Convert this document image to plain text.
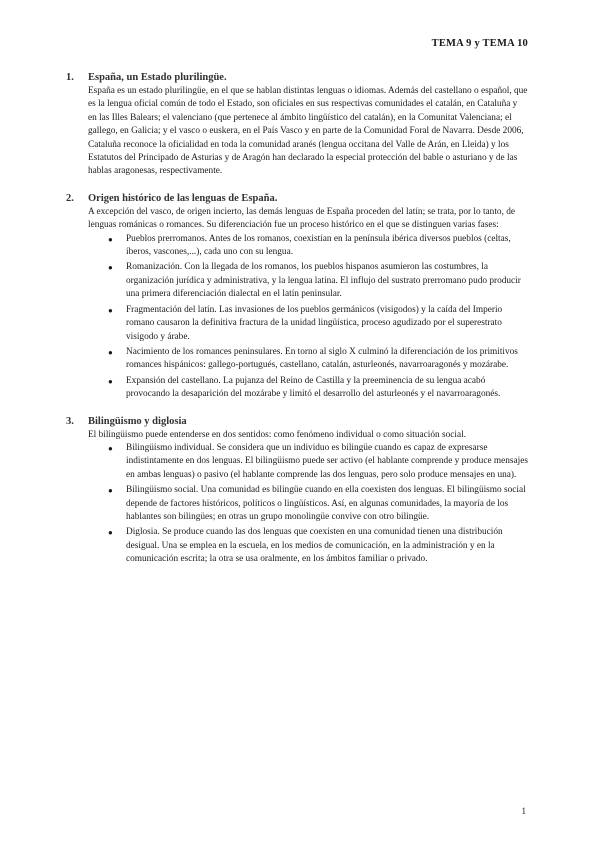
TEMA 9 y TEMA 10
1.	España, un Estado plurilingüe.

España es un estado plurilingüe, en el que se hablan distintas lenguas o idiomas. Además del castellano o español, que es la lengua oficial común de todo el Estado, son oficiales en sus respectivas comunidades el catalán, en Cataluña y en las Illes Balears; el valenciano (que pertenece al ámbito lingüístico del catalán), en la Comunitat Valenciana; el gallego, en Galicia; y el vasco o euskera, en el País Vasco y en parte de la Comunidad Foral de Navarra. Desde 2006, Cataluña reconoce la oficialidad en toda la comunidad aranés (lengua occitana del Valle de Arán, en Lleida) y los Estatutos del Principado de Asturias y de Aragón han declarado la especial protección del bable o asturiano y de las hablas aragonesas, respectivamente.

2.	Origen histórico de las lenguas de España.

A excepción del vasco, de origen incierto, las demás lenguas de España proceden del latín; se trata, por lo tanto, de lenguas románicas o romances. Su diferenciación fue un proceso histórico en el que se distinguen varias fases:

● Pueblos prerromanos. Antes de los romanos, coexistían en la península ibérica diversos pueblos (celtas, íberos, vascones,...), cada uno con su lengua.
● Romanización. Con la llegada de los romanos, los pueblos hispanos asumieron las costumbres, la organización jurídica y administrativa, y la lengua latina. El influjo del sustrato prerromano pudo producir una primera diferenciación dialectal en el latín peninsular.
● Fragmentación del latín. Las invasiones de los pueblos germánicos (visigodos) y la caída del Imperio romano causaron la definitiva fractura de la unidad lingüística, proceso agudizado por el superestrato visigodo y árabe.
● Nacimiento de los romances peninsulares. En torno al siglo X culminó la diferenciación de los primitivos romances hispánicos: gallego-portugués, castellano, catalán, asturleonés, navarroaragonés y mozárabe.
● Expansión del castellano. La pujanza del Reino de Castilla y la preeminencia de su lengua acabó provocando la desaparición del mozárabe y limitó el desarrollo del asturleonés y el navarroaragonés.
3.	Bilingüismo y diglosia

El bilingüismo puede entenderse en dos sentidos: como fenómeno individual o como situación social.

● Bilingüismo individual. Se considera que un individuo es bilingüe cuando es capaz de expresarse indistintamente en dos lenguas. El bilingüismo puede ser activo (el hablante comprende y produce mensajes en ambas lenguas) o pasivo (el hablante comprende las dos lenguas, pero solo produce mensajes en una).
● Bilingüismo social. Una comunidad es bilingüe cuando en ella coexisten dos lenguas. El bilingüismo social depende de factores históricos, políticos o lingüísticos. Así, en algunas comunidades, la mayoría de los hablantes son bilingües; en otras un grupo monolingüe convive con otro bilingüe.
● Diglosia. Se produce cuando las dos lenguas que coexisten en una comunidad tienen una distribución desigual. Una se emplea en la escuela, en los medios de comunicación, en la administración y en la comunicación escrita; la otra se usa oralmente, en los ámbitos familiar o privado.
1
